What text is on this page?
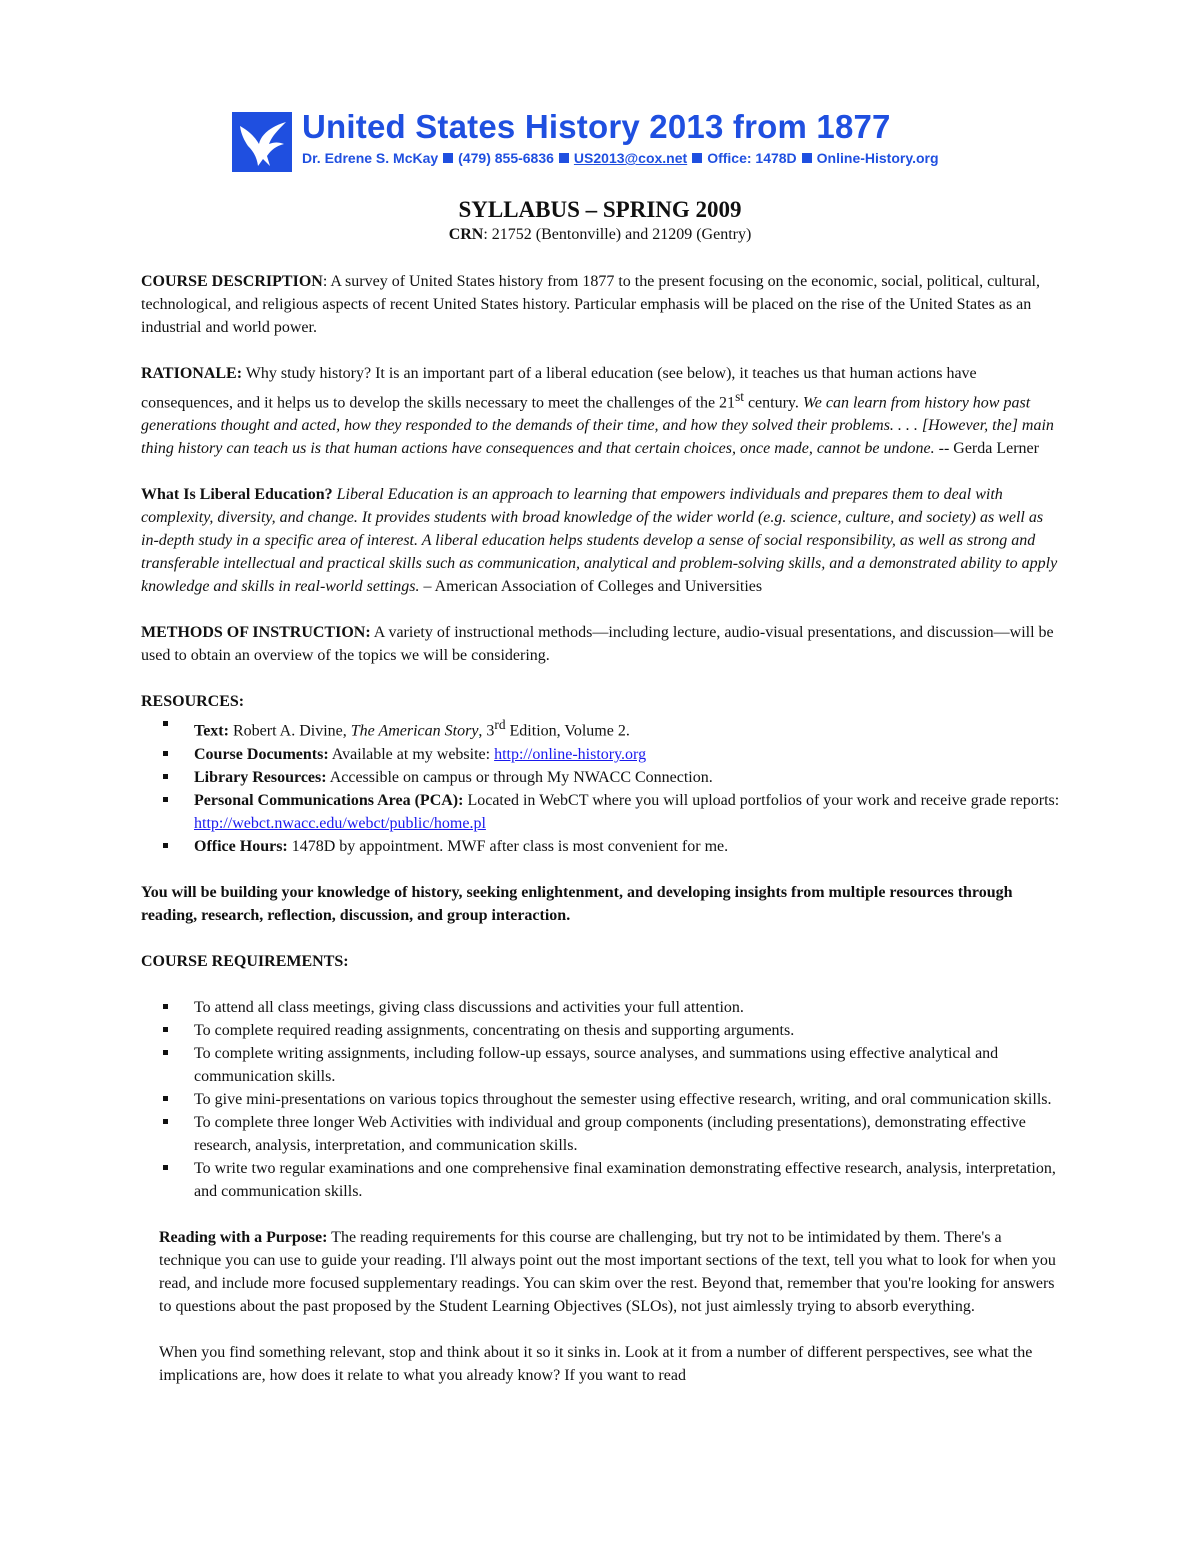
United States History 2013 from 1877
Dr. Edrene S. McKay (479) 855-6836 US2013@cox.net Office: 1478D Online-History.org
SYLLABUS – SPRING 2009
CRN: 21752 (Bentonville) and 21209 (Gentry)

COURSE DESCRIPTION: A survey of United States history from 1877 to the present focusing on the economic, social, political, cultural, technological, and religious aspects of recent United States history. Particular emphasis will be placed on the rise of the United States as an industrial and world power.

RATIONALE: Why study history? It is an important part of a liberal education (see below), it teaches us that human actions have consequences, and it helps us to develop the skills necessary to meet the challenges of the 21st century. We can learn from history how past generations thought and acted, how they responded to the demands of their time, and how they solved their problems. . . . [However, the] main thing history can teach us is that human actions have consequences and that certain choices, once made, cannot be undone. -- Gerda Lerner

What Is Liberal Education? Liberal Education is an approach to learning that empowers individuals and prepares them to deal with complexity, diversity, and change. It provides students with broad knowledge of the wider world (e.g. science, culture, and society) as well as in-depth study in a specific area of interest. A liberal education helps students develop a sense of social responsibility, as well as strong and transferable intellectual and practical skills such as communication, analytical and problem-solving skills, and a demonstrated ability to apply knowledge and skills in real-world settings. – American Association of Colleges and Universities

METHODS OF INSTRUCTION: A variety of instructional methods—including lecture, audio-visual presentations, and discussion—will be used to obtain an overview of the topics we will be considering.

RESOURCES:

Text: Robert A. Divine, The American Story, 3rd Edition, Volume 2.
Course Documents: Available at my website: http://online-history.org
Library Resources: Accessible on campus or through My NWACC Connection.
Personal Communications Area (PCA): Located in WebCT where you will upload portfolios of your work and receive grade reports: http://webct.nwacc.edu/webct/public/home.pl
Office Hours: 1478D by appointment. MWF after class is most convenient for me.

You will be building your knowledge of history, seeking enlightenment, and developing insights from multiple resources through reading, research, reflection, discussion, and group interaction.

COURSE REQUIREMENTS:

To attend all class meetings, giving class discussions and activities your full attention.
To complete required reading assignments, concentrating on thesis and supporting arguments.
To complete writing assignments, including follow-up essays, source analyses, and summations using effective analytical and communication skills.
To give mini-presentations on various topics throughout the semester using effective research, writing, and oral communication skills.
To complete three longer Web Activities with individual and group components (including presentations), demonstrating effective research, analysis, interpretation, and communication skills.
To write two regular examinations and one comprehensive final examination demonstrating effective research, analysis, interpretation, and communication skills.

Reading with a Purpose: The reading requirements for this course are challenging, but try not to be intimidated by them. There's a technique you can use to guide your reading. I'll always point out the most important sections of the text, tell you what to look for when you read, and include more focused supplementary readings. You can skim over the rest. Beyond that, remember that you're looking for answers to questions about the past proposed by the Student Learning Objectives (SLOs), not just aimlessly trying to absorb everything.

When you find something relevant, stop and think about it so it sinks in. Look at it from a number of different perspectives, see what the implications are, how does it relate to what you already know? If you want to read
